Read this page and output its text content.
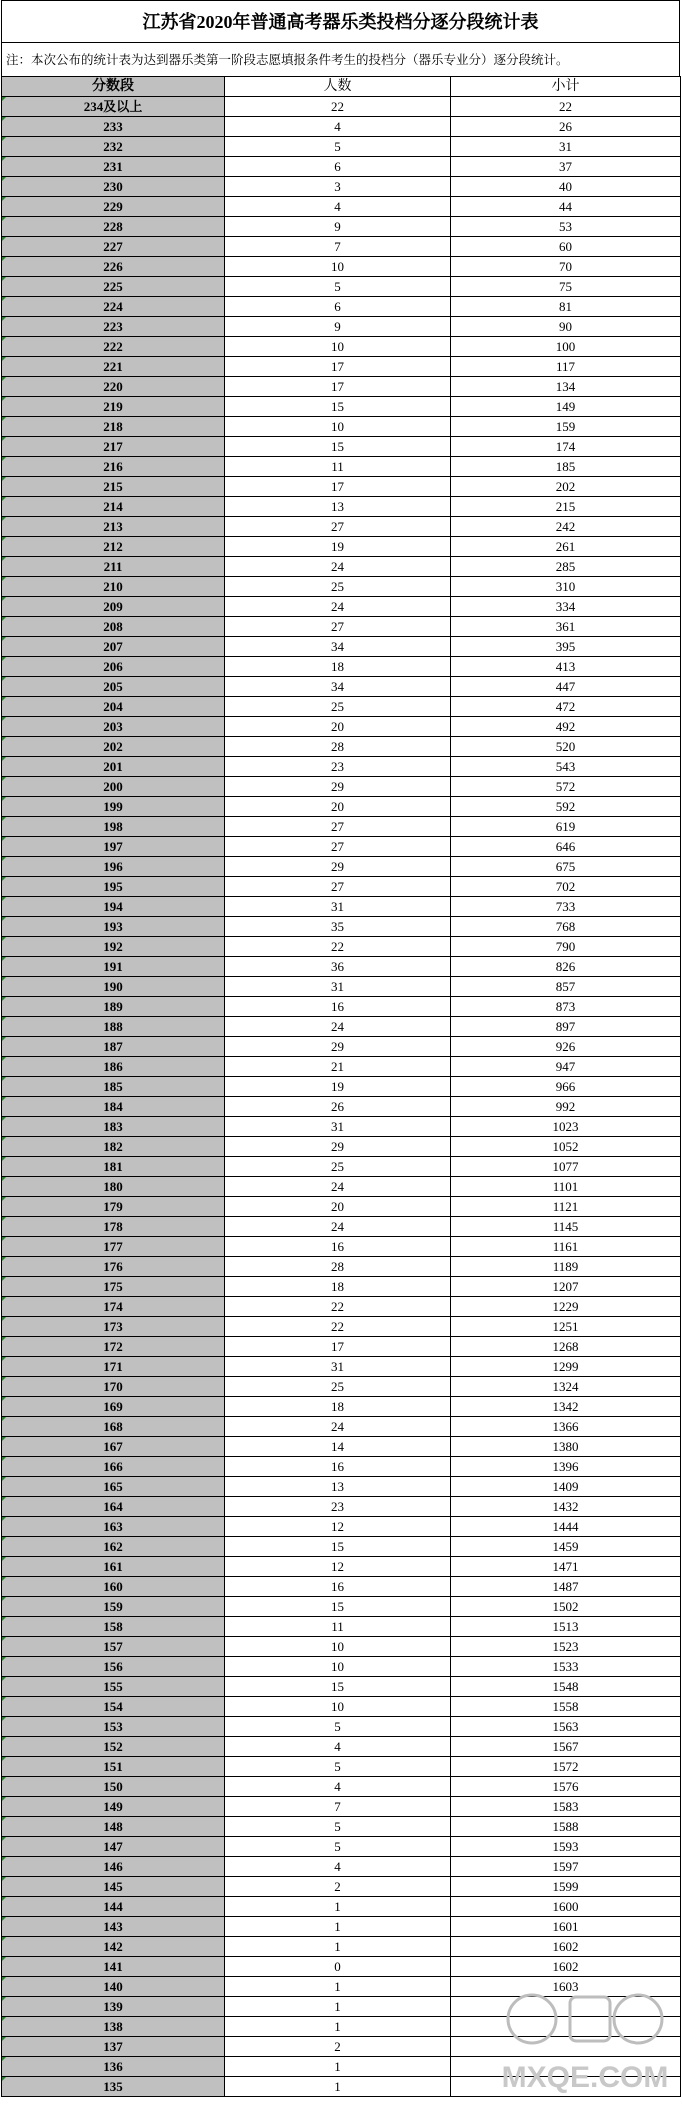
江苏省2020年普通高考器乐类投档分逐分段统计表
注：本次公布的统计表为达到器乐类第一阶段志愿填报条件考生的投档分（器乐专业分）逐分段统计。
分数段	人数	小计
234及以上	22	22
233	4	26
232	5	31
231	6	37
230	3	40
229	4	44
228	9	53
227	7	60
226	10	70
225	5	75
224	6	81
223	9	90
222	10	100
221	17	117
220	17	134
219	15	149
218	10	159
217	15	174
216	11	185
215	17	202
214	13	215
213	27	242
212	19	261
211	24	285
210	25	310
209	24	334
208	27	361
207	34	395
206	18	413
205	34	447
204	25	472
203	20	492
202	28	520
201	23	543
200	29	572
199	20	592
198	27	619
197	27	646
196	29	675
195	27	702
194	31	733
193	35	768
192	22	790
191	36	826
190	31	857
189	16	873
188	24	897
187	29	926
186	21	947
185	19	966
184	26	992
183	31	1023
182	29	1052
181	25	1077
180	24	1101
179	20	1121
178	24	1145
177	16	1161
176	28	1189
175	18	1207
174	22	1229
173	22	1251
172	17	1268
171	31	1299
170	25	1324
169	18	1342
168	24	1366
167	14	1380
166	16	1396
165	13	1409
164	23	1432
163	12	1444
162	15	1459
161	12	1471
160	16	1487
159	15	1502
158	11	1513
157	10	1523
156	10	1533
155	15	1548
154	10	1558
153	5	1563
152	4	1567
151	5	1572
150	4	1576
149	7	1583
148	5	1588
147	5	1593
146	4	1597
145	2	1599
144	1	1600
143	1	1601
142	1	1602
141	0	1602
140	1	1603
139	1	
138	1	
137	2	
136	1	
135	1		MXQE.COM
